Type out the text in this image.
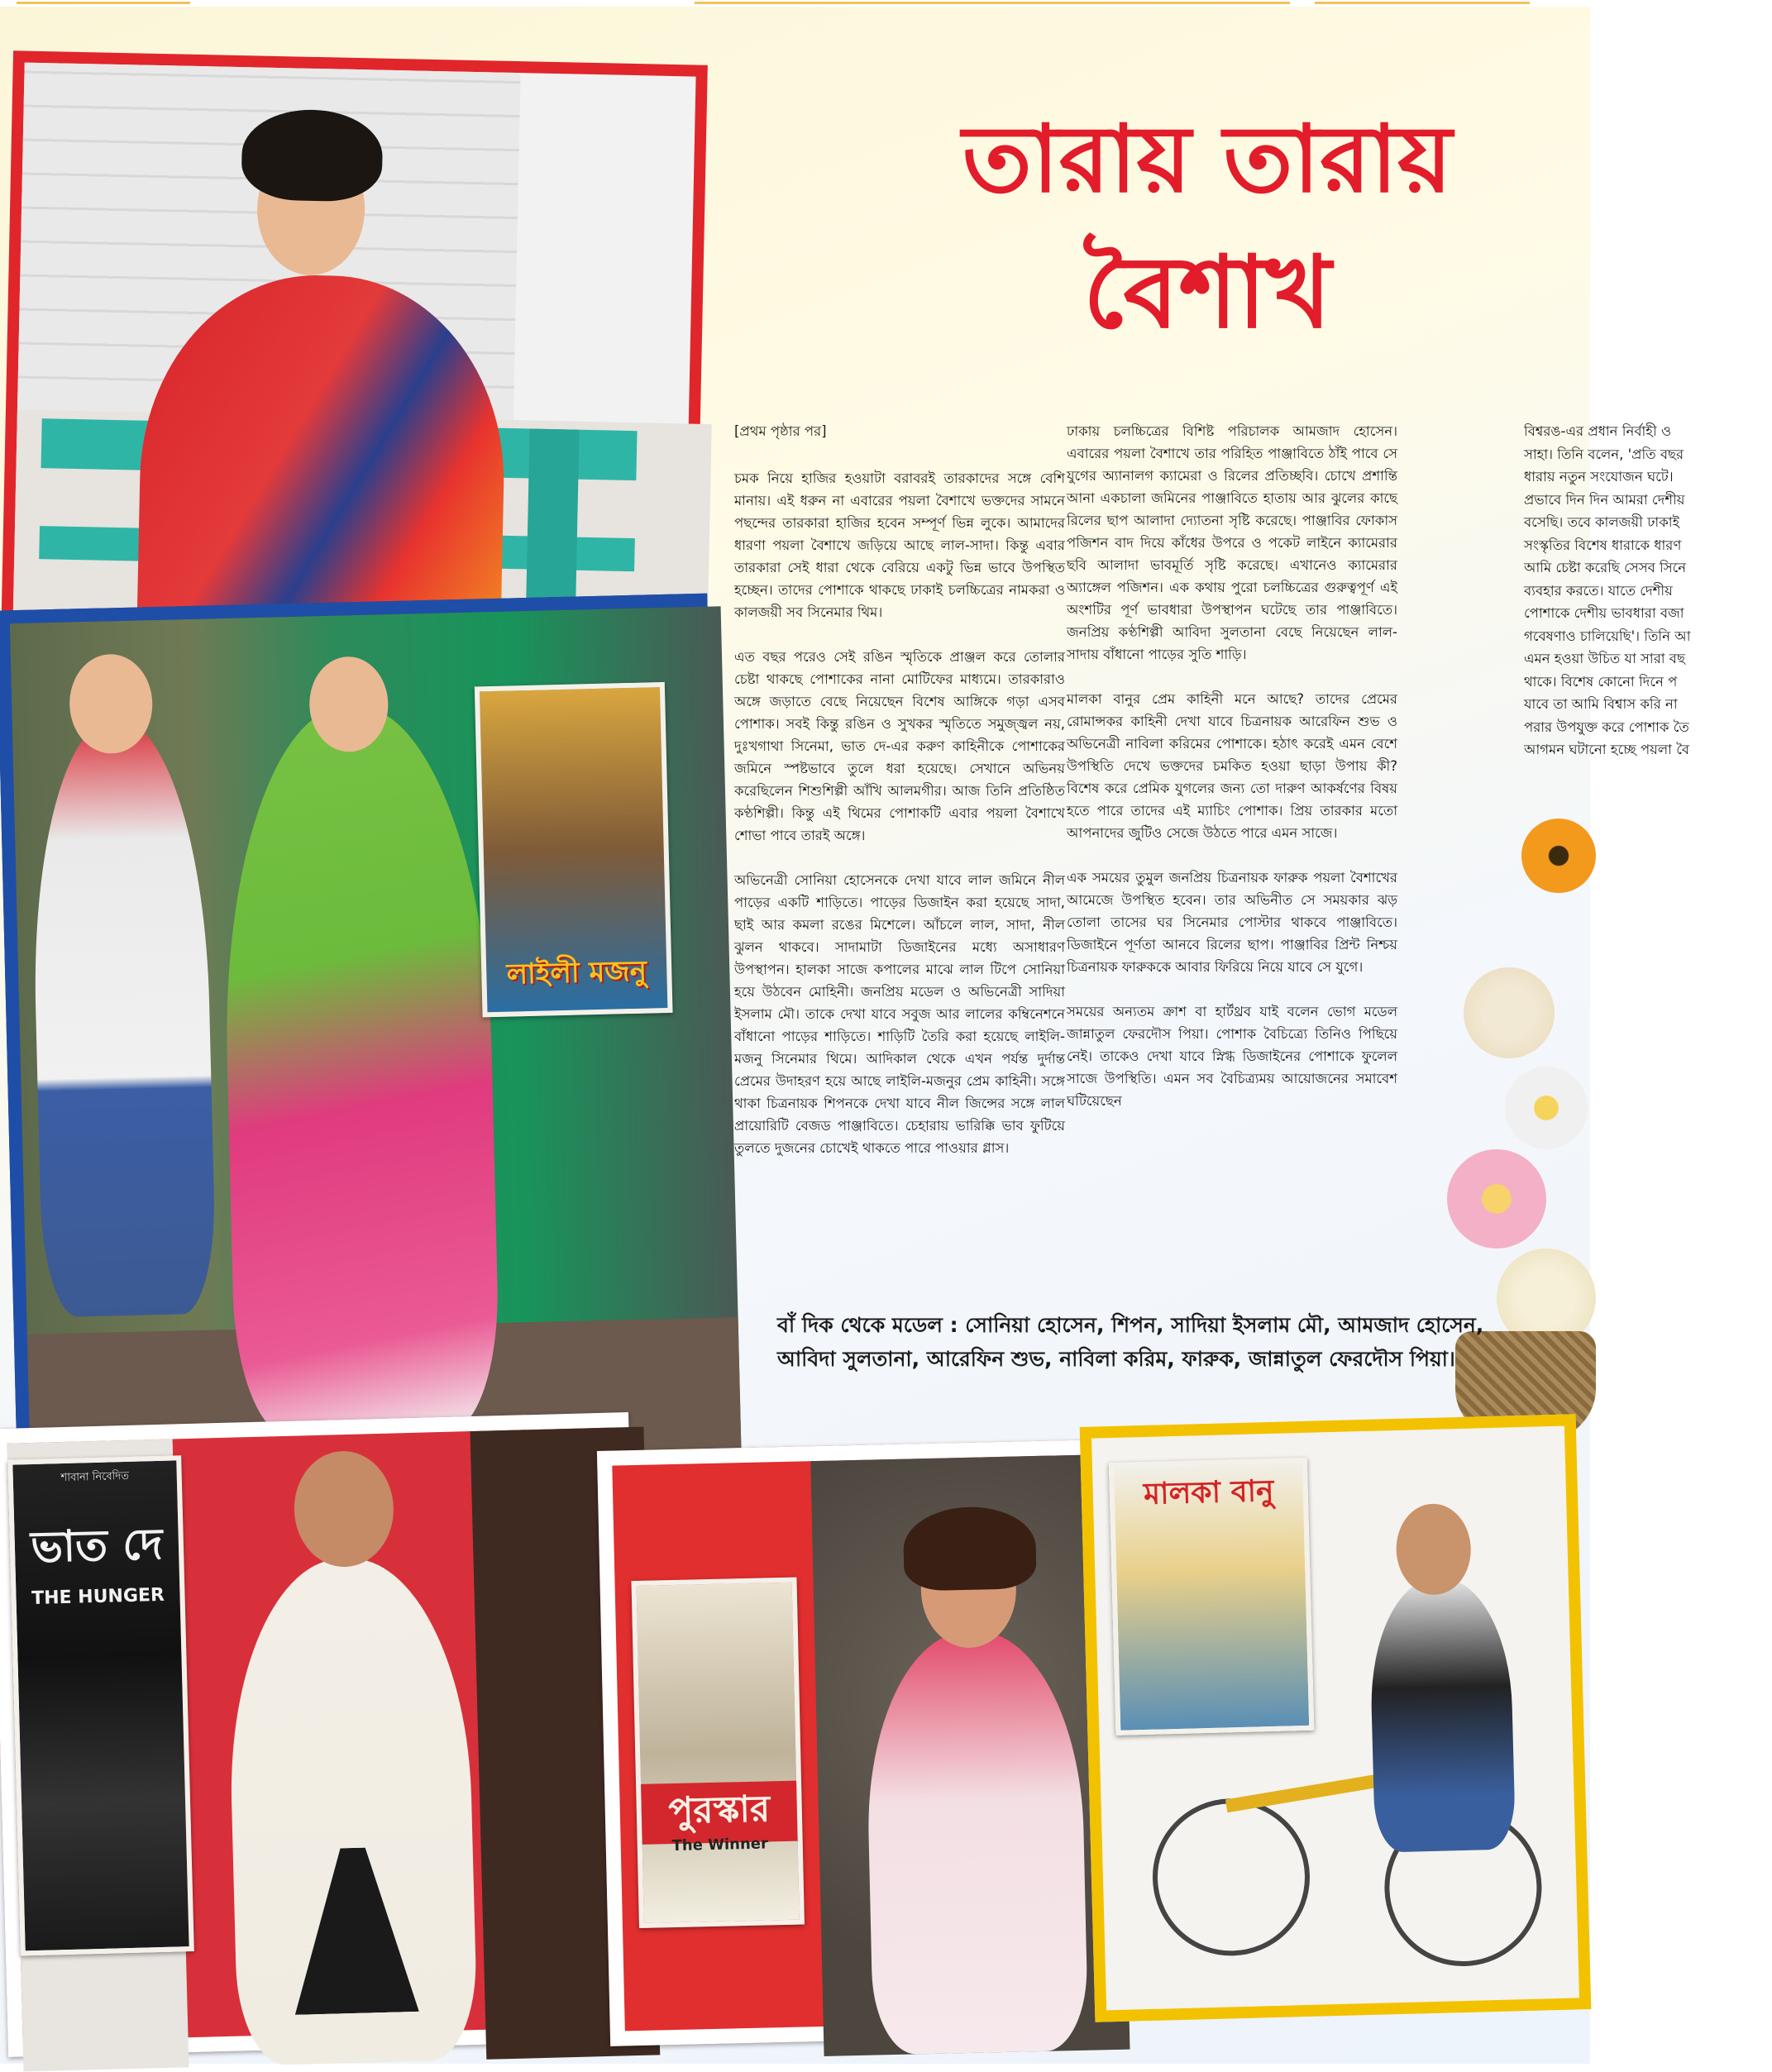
তারায় তারায়
বৈশাখ
লাইলী মজনু

[প্রথম পৃষ্ঠার পর]

চমক নিয়ে হাজির হওয়াটা বরাবরই তারকাদের সঙ্গে বেশি মানায়। এই ধরুন না এবারের পয়লা বৈশাখে ভক্তদের সামনে পছন্দের তারকারা হাজির হবেন সম্পূর্ণ ভিন্ন লুকে। আমাদের ধারণা পয়লা বৈশাখে জড়িয়ে আছে লাল-সাদা। কিন্তু এবার তারকারা সেই ধারা থেকে বেরিয়ে একটু ভিন্ন ভাবে উপস্থিত হচ্ছেন। তাদের পোশাকে থাকছে ঢাকাই চলচ্চিত্রের নামকরা ও কালজয়ী সব সিনেমার থিম।

এত বছর পরেও সেই রঙিন স্মৃতিকে প্রাঞ্জল করে তোলার চেষ্টা থাকছে পোশাকের নানা মোটিফের মাধ্যমে। তারকারাও অঙ্গে জড়াতে বেছে নিয়েছেন বিশেষ আঙ্গিকে গড়া এসব পোশাক। সবই কিন্তু রঙিন ও সুখকর স্মৃতিতে সমুজ্জ্বল নয়, দুঃখগাথা সিনেমা, ভাত দে-এর করুণ কাহিনীকে পোশাকের জমিনে স্পষ্টভাবে তুলে ধরা হয়েছে। সেখানে অভিনয় করেছিলেন শিশুশিল্পী আঁখি আলমগীর। আজ তিনি প্রতিষ্ঠিত কণ্ঠশিল্পী। কিন্তু এই থিমের পোশাকটি এবার পয়লা বৈশাখে শোভা পাবে তারই অঙ্গে।

অভিনেত্রী সোনিয়া হোসেনকে দেখা যাবে লাল জমিনে নীল পাড়ের একটি শাড়িতে। পাড়ের ডিজাইন করা হয়েছে সাদা, ছাই আর কমলা রঙের মিশেলে। আঁচলে লাল, সাদা, নীল ঝুলন থাকবে। সাদামাটা ডিজাইনের মধ্যে অসাধারণ উপস্থাপন। হালকা সাজে কপালের মাঝে লাল টিপে সোনিয়া হয়ে উঠবেন মোহিনী। জনপ্রিয় মডেল ও অভিনেত্রী সাদিয়া ইসলাম মৌ। তাকে দেখা যাবে সবুজ আর লালের কম্বিনেশনে বাঁধানো পাড়ের শাড়িতে। শাড়িটি তৈরি করা হয়েছে লাইলি-মজনু সিনেমার থিমে। আদিকাল থেকে এখন পর্যন্ত দুর্দান্ত প্রেমের উদাহরণ হয়ে আছে লাইলি-মজনুর প্রেম কাহিনী। সঙ্গে থাকা চিত্রনায়ক শিপনকে দেখা যাবে নীল জিন্সের সঙ্গে লাল প্রায়োরিটি বেজড পাঞ্জাবিতে। চেহারায় ভারিক্কি ভাব ফুটিয়ে তুলতে দুজনের চোখেই থাকতে পারে পাওয়ার গ্লাস।

ঢাকায় চলচ্চিত্রের বিশিষ্ট পরিচালক আমজাদ হোসেন। এবারের পয়লা বৈশাখে তার পরিহিত পাঞ্জাবিতে ঠাঁই পাবে সে যুগের অ্যানালগ ক্যামেরা ও রিলের প্রতিচ্ছবি। চোখে প্রশান্তি আনা একচালা জমিনের পাঞ্জাবিতে হাতায় আর ঝুলের কাছে রিলের ছাপ আলাদা দ্যোতনা সৃষ্টি করেছে। পাঞ্জাবির ফোকাস পজিশন বাদ দিয়ে কাঁধের উপরে ও পকেট লাইনে ক্যামেরার ছবি আলাদা ভাবমূর্তি সৃষ্টি করেছে। এখানেও ক্যামেরার অ্যাঙ্গেল পজিশন। এক কথায় পুরো চলচ্চিত্রের গুরুত্বপূর্ণ এই অংশটির পূর্ণ ভাবধারা উপস্থাপন ঘটেছে তার পাঞ্জাবিতে। জনপ্রিয় কণ্ঠশিল্পী আবিদা সুলতানা বেছে নিয়েছেন লাল-সাদায় বাঁধানো পাড়ের সুতি শাড়ি।

মালকা বানুর প্রেম কাহিনী মনে আছে? তাদের প্রেমের রোমান্সকর কাহিনী দেখা যাবে চিত্রনায়ক আরেফিন শুভ ও অভিনেত্রী নাবিলা করিমের পোশাকে। হঠাৎ করেই এমন বেশে উপস্থিতি দেখে ভক্তদের চমকিত হওয়া ছাড়া উপায় কী? বিশেষ করে প্রেমিক যুগলের জন্য তো দারুণ আকর্ষণের বিষয় হতে পারে তাদের এই ম্যাচিং পোশাক। প্রিয় তারকার মতো আপনাদের জুটিও সেজে উঠতে পারে এমন সাজে।

এক সময়ের তুমুল জনপ্রিয় চিত্রনায়ক ফারুক পয়লা বৈশাখের আমেজে উপস্থিত হবেন। তার অভিনীত সে সময়কার ঝড় তোলা তাসের ঘর সিনেমার পোস্টার থাকবে পাঞ্জাবিতে। ডিজাইনে পূর্ণতা আনবে রিলের ছাপ। পাঞ্জাবির প্রিন্ট নিশ্চয় চিত্রনায়ক ফারুককে আবার ফিরিয়ে নিয়ে যাবে সে যুগে।

সময়ের অন্যতম ক্রাশ বা হার্টথ্রব যাই বলেন ভোগ মডেল জান্নাতুল ফেরদৌস পিয়া। পোশাক বৈচিত্র্যে তিনিও পিছিয়ে নেই। তাকেও দেখা যাবে স্নিগ্ধ ডিজাইনের পোশাকে ফুলেল সাজে উপস্থিতি। এমন সব বৈচিত্র্যময় আয়োজনের সমাবেশ ঘটিয়েছেন

বিশ্বরঙ-এর প্রধান নির্বাহী ও
সাহা। তিনি বলেন, 'প্রতি বছর
ধারায় নতুন সংযোজন ঘটে।
প্রভাবে দিন দিন আমরা দেশীয়
বসেছি। তবে কালজয়ী ঢাকাই
সংস্কৃতির বিশেষ ধারাকে ধারণ
আমি চেষ্টা করেছি সেসব সিনে
ব্যবহার করতে। যাতে দেশীয়
পোশাকে দেশীয় ভাবধারা বজা
গবেষণাও চালিয়েছি'। তিনি আ
এমন হওয়া উচিত যা সারা বছ
থাকে। বিশেষ কোনো দিনে প
যাবে তা আমি বিশ্বাস করি না
পরার উপযুক্ত করে পোশাক তৈ
আগমন ঘটানো হচ্ছে পয়লা বৈ
বাঁ দিক থেকে মডেল : সোনিয়া হোসেন, শিপন, সাদিয়া ইসলাম মৌ, আমজাদ হোসেন,
আবিদা সুলতানা, আরেফিন শুভ, নাবিলা করিম, ফারুক, জান্নাতুল ফেরদৌস পিয়া।
শাবানা নিবেদিত
ভাত দে
THE HUNGER
পুরস্কার
The Winner
মালকা বানু
